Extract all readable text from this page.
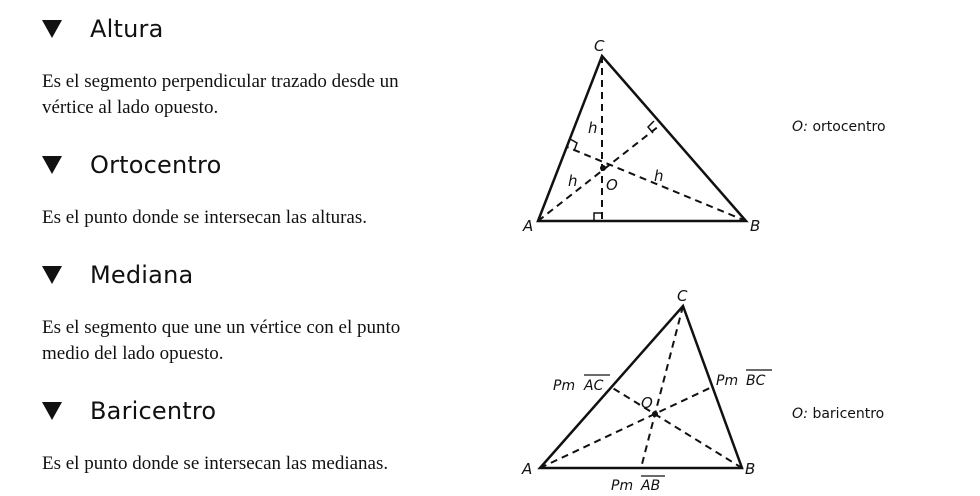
Altura

Es el segmento perpendicular trazado desde un
vértice al lado opuesto.

Ortocentro

Es el punto donde se intersecan las alturas.

Mediana

Es el segmento que une un vértice con el punto
medio del lado opuesto.

Baricentro

Es el punto donde se intersecan las medianas.

C
A	B
O
h
h	h
C
A	B
O
Pm AC	Pm BC
Pm AB
O: ortocentro
O: baricentro
